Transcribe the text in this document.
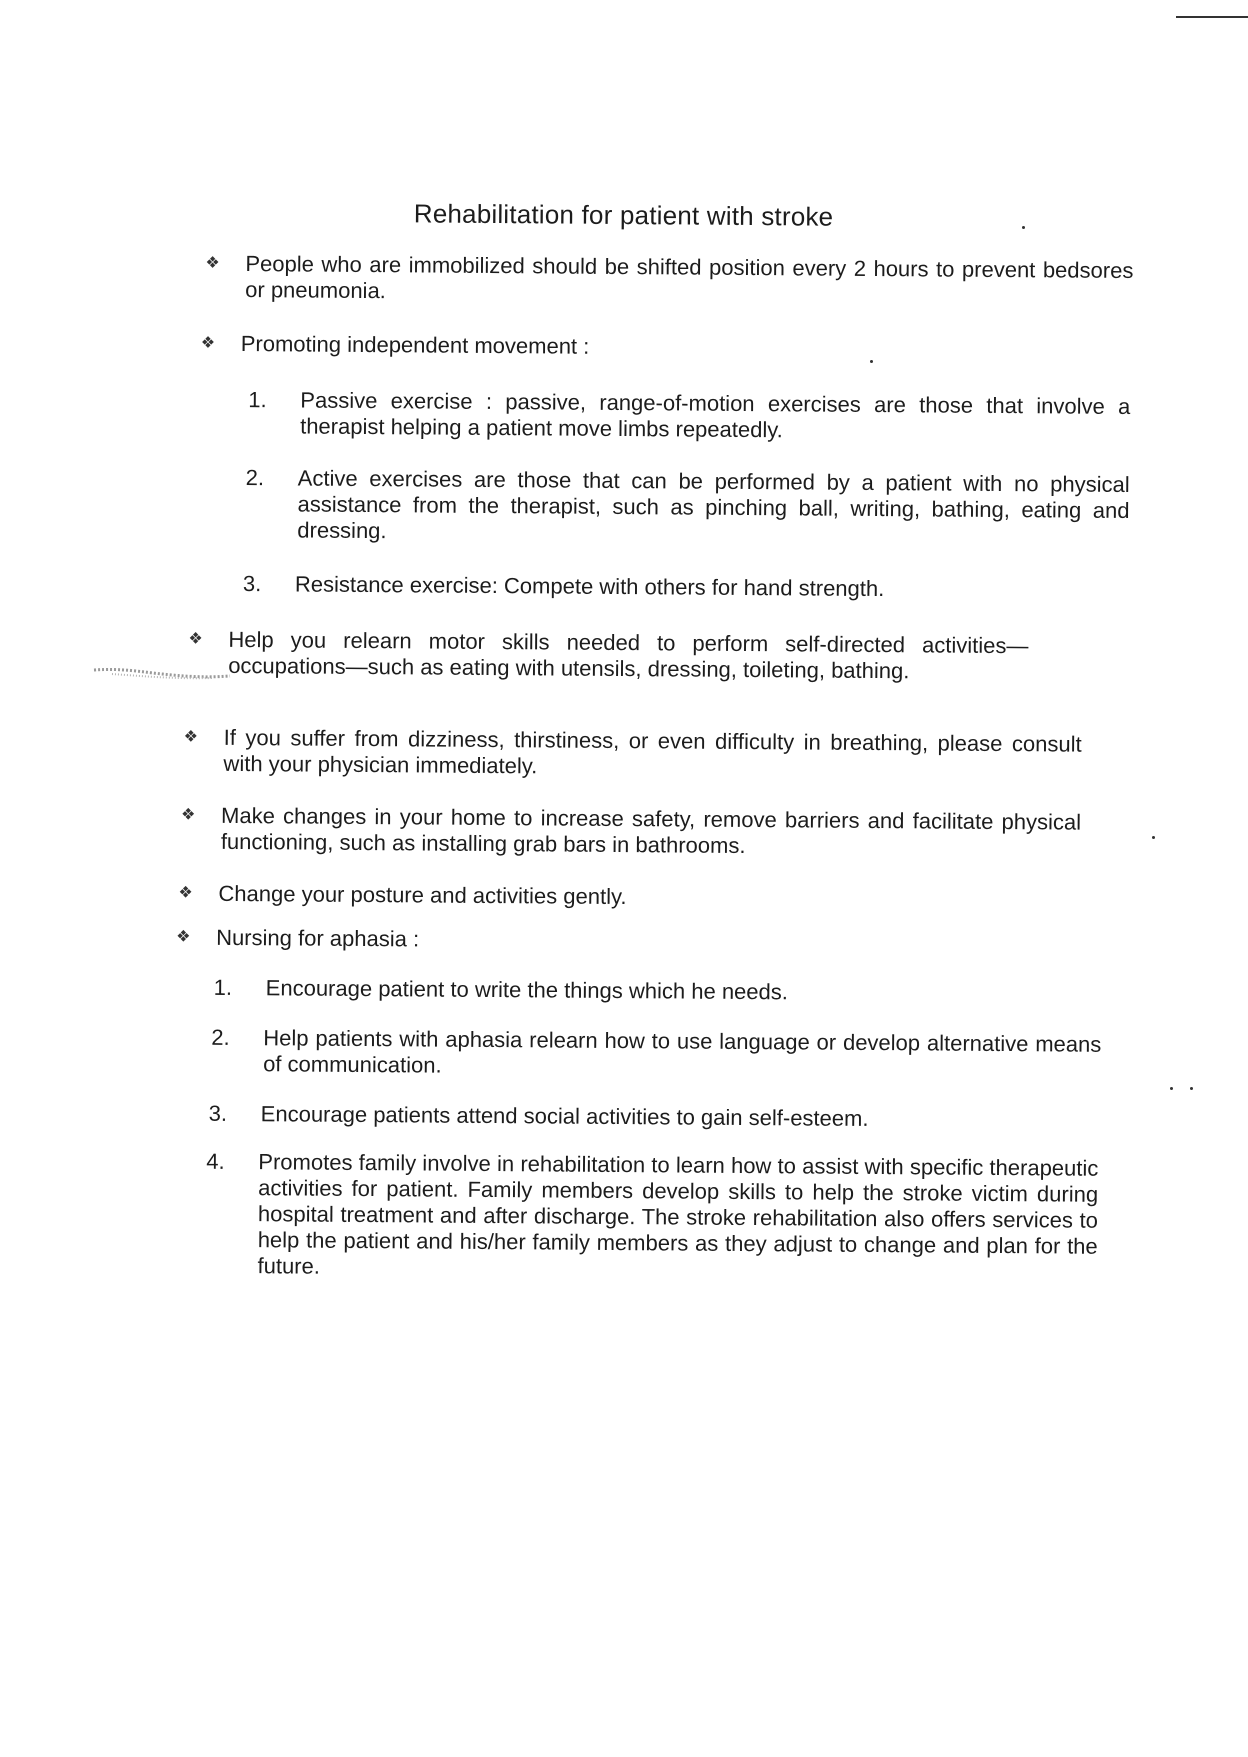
Rehabilitation for patient with stroke
❖ People who are immobilized should be shifted position every 2 hours to prevent bedsores or pneumonia.
❖ Promoting independent movement :
1. Passive exercise : passive, range-of-motion exercises are those that involve a therapist helping a patient move limbs repeatedly.
2. Active exercises are those that can be performed by a patient with no physical assistance from the therapist, such as pinching ball, writing, bathing, eating and dressing.
3. Resistance exercise: Compete with others for hand strength.
❖ Help you relearn motor skills needed to perform self-directed activities—occupations—such as eating with utensils, dressing, toileting, bathing.
❖ If you suffer from dizziness, thirstiness, or even difficulty in breathing, please consult with your physician immediately.
❖ Make changes in your home to increase safety, remove barriers and facilitate physical functioning, such as installing grab bars in bathrooms.
❖ Change your posture and activities gently.
❖ Nursing for aphasia :
1. Encourage patient to write the things which he needs.
2. Help patients with aphasia relearn how to use language or develop alternative means of communication.
3. Encourage patients attend social activities to gain self-esteem.
4. Promotes family involve in rehabilitation to learn how to assist with specific therapeutic activities for patient. Family members develop skills to help the stroke victim during hospital treatment and after discharge. The stroke rehabilitation also offers services to help the patient and his/her family members as they adjust to change and plan for the future.
